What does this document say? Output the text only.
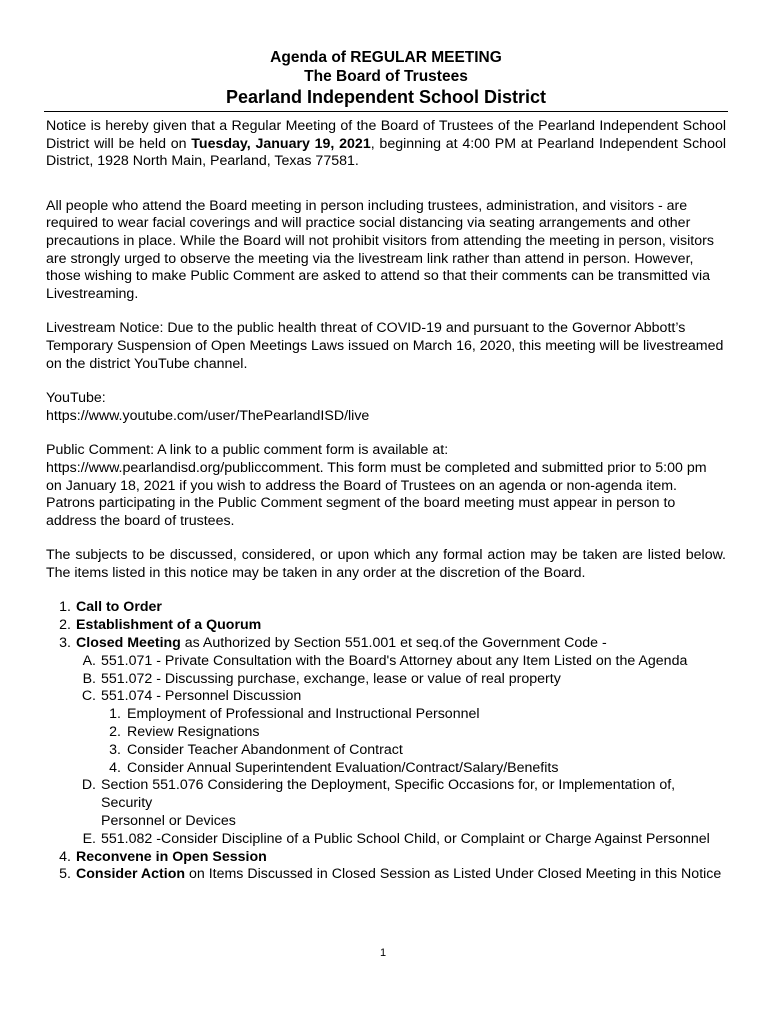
Agenda of REGULAR MEETING
The Board of Trustees
Pearland Independent School District

Notice is hereby given that a Regular Meeting of the Board of Trustees of the Pearland Independent School District will be held on Tuesday, January 19, 2021, beginning at 4:00 PM at Pearland Independent School District, 1928 North Main, Pearland, Texas 77581.

All people who attend the Board meeting in person including trustees, administration, and visitors - are required to wear facial coverings and will practice social distancing via seating arrangements and other precautions in place. While the Board will not prohibit visitors from attending the meeting in person, visitors are strongly urged to observe the meeting via the livestream link rather than attend in person. However, those wishing to make Public Comment are asked to attend so that their comments can be transmitted via Livestreaming.

Livestream Notice: Due to the public health threat of COVID-19 and pursuant to the Governor Abbott’s Temporary Suspension of Open Meetings Laws issued on March 16, 2020, this meeting will be livestreamed on the district YouTube channel.

YouTube:

https://www.youtube.com/user/ThePearlandISD/live

Public Comment: A link to a public comment form is available at:

https://www.pearlandisd.org/publiccomment. This form must be completed and submitted prior to 5:00 pm on January 18, 2021 if you wish to address the Board of Trustees on an agenda or non-agenda item. Patrons participating in the Public Comment segment of the board meeting must appear in person to address the board of trustees.

The subjects to be discussed, considered, or upon which any formal action may be taken are listed below. The items listed in this notice may be taken in any order at the discretion of the Board.

1. Call to Order
2. Establishment of a Quorum
3. Closed Meeting as Authorized by Section 551.001 et seq.of the Government Code -
A. 551.071 - Private Consultation with the Board's Attorney about any Item Listed on the Agenda
B. 551.072 - Discussing purchase, exchange, lease or value of real property
C. 551.074 - Personnel Discussion
1. Employment of Professional and Instructional Personnel
2. Review Resignations
3. Consider Teacher Abandonment of Contract
4. Consider Annual Superintendent Evaluation/Contract/Salary/Benefits
D. Section 551.076 Considering the Deployment, Specific Occasions for, or Implementation of, Security
Personnel or Devices
E. 551.082 -Consider Discipline of a Public School Child, or Complaint or Charge Against Personnel
4. Reconvene in Open Session
5. Consider Action on Items Discussed in Closed Session as Listed Under Closed Meeting in this Notice
1
